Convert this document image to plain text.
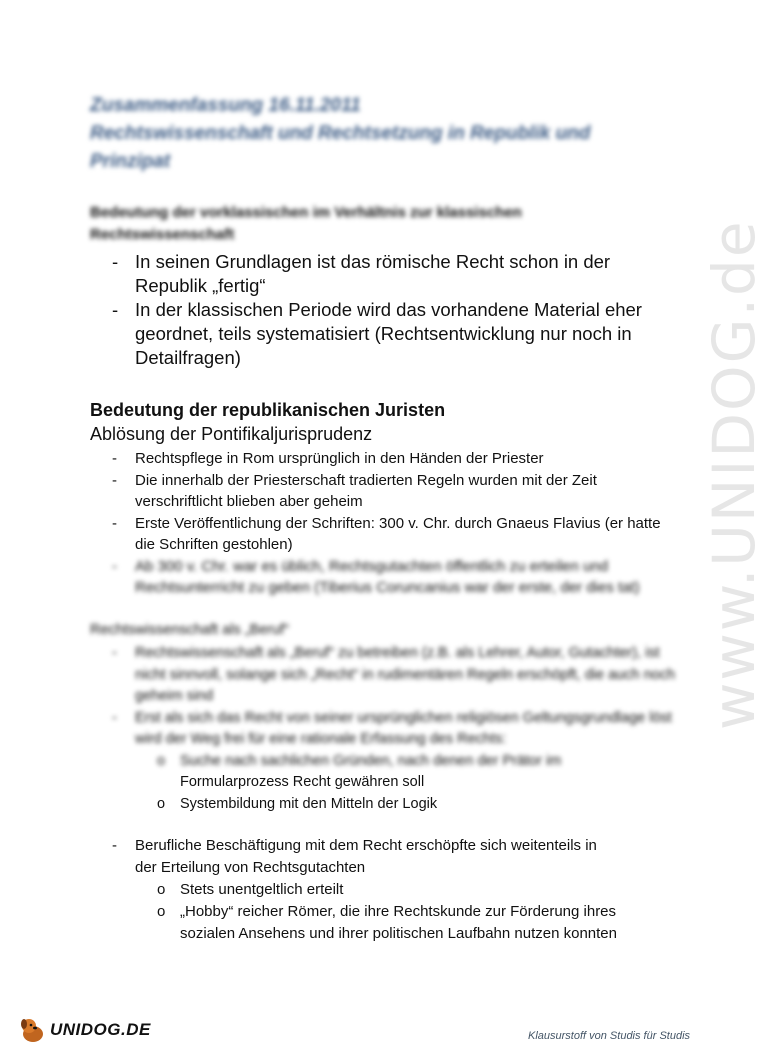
www.UNIDOG.de
Zusammenfassung 16.11.2011
Rechtswissenschaft und Rechtsetzung in Republik und
Prinzipat
Bedeutung der vorklassischen im Verhältnis zur klassischen
Rechtswissenschaft
- In seinen Grundlagen ist das römische Recht schon in der Republik „fertig“
- In der klassischen Periode wird das vorhandene Material eher geordnet, teils systematisiert (Rechtsentwicklung nur noch in Detailfragen)
Bedeutung der republikanischen Juristen
Ablösung der Pontifikaljurisprudenz
- Rechtspflege in Rom ursprünglich in den Händen der Priester
- Die innerhalb der Priesterschaft tradierten Regeln wurden mit der Zeit verschriftlicht blieben aber geheim
- Erste Veröffentlichung der Schriften: 300 v. Chr. durch Gnaeus Flavius (er hatte die Schriften gestohlen)
- Ab 300 v. Chr. war es üblich, Rechtsgutachten öffentlich zu erteilen und Rechtsunterricht zu geben (Tiberius Coruncanius war der erste, der dies tat)
Rechtswissenschaft als „Beruf“
- Rechtswissenschaft als „Beruf“ zu betreiben (z.B. als Lehrer, Autor, Gutachter), ist nicht sinnvoll, solange sich „Recht“ in rudimentären Regeln erschöpft, die auch noch geheim sind
- Erst als sich das Recht von seiner ursprünglichen religiösen Geltungsgrundlage löst wird der Weg frei für eine rationale Erfassung des Rechts:
o Suche nach sachlichen Gründen, nach denen der Prätor im
Formularprozess Recht gewähren soll
o Systembildung mit den Mitteln der Logik
- Berufliche Beschäftigung mit dem Recht erschöpfte sich weitenteils in
der Erteilung von Rechtsgutachten
o Stets unentgeltlich erteilt
o „Hobby“ reicher Römer, die ihre Rechtskunde zur Förderung ihres
sozialen Ansehens und ihrer politischen Laufbahn nutzen konnten
UNIDOG.DE	Klausurstoff von Studis für Studis
